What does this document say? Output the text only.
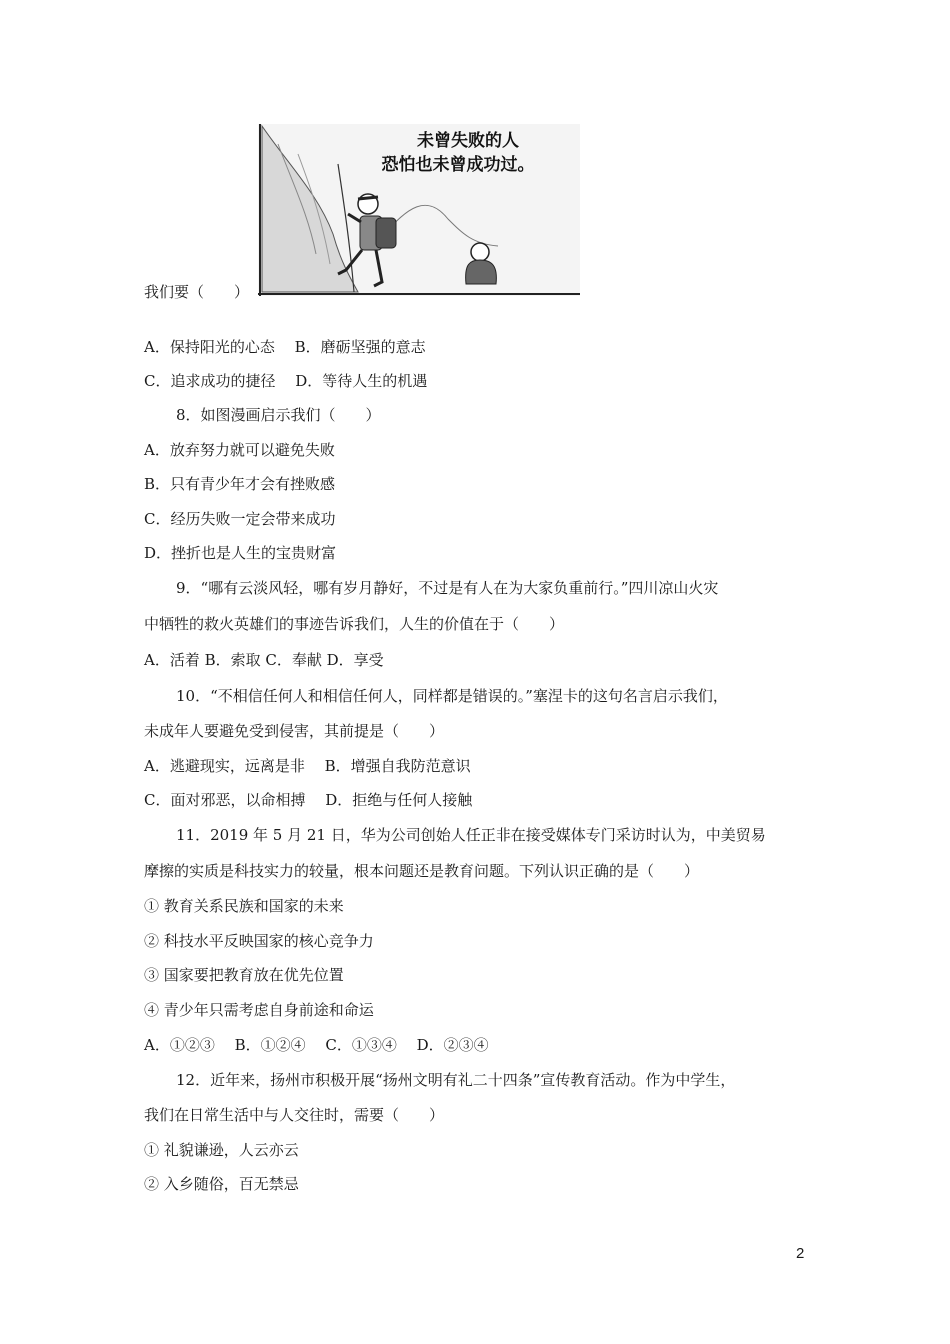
未曾失败的人
恐怕也未曾成功过。
我们要（　　）
A．保持阳光的心态　 B．磨砺坚强的意志
C．追求成功的捷径　 D．等待人生的机遇
8．如图漫画启示我们（　　）
A．放弃努力就可以避免失败
B．只有青少年才会有挫败感
C．经历失败一定会带来成功
D．挫折也是人生的宝贵财富
9．“哪有云淡风轻，哪有岁月静好，不过是有人在为大家负重前行。”四川凉山火灾
中牺牲的救火英雄们的事迹告诉我们，人生的价值在于（　　）
A．活着 B．索取 C．奉献 D．享受
10．“不相信任何人和相信任何人，同样都是错误的。”塞涅卡的这句名言启示我们，
未成年人要避免受到侵害，其前提是（　　）
A．逃避现实，远离是非　 B．增强自我防范意识
C．面对邪恶，以命相搏　 D．拒绝与任何人接触
11．2019 年 5 月 21 日，华为公司创始人任正非在接受媒体专门采访时认为，中美贸易
摩擦的实质是科技实力的较量，根本问题还是教育问题。下列认识正确的是（　　）
① 教育关系民族和国家的未来
② 科技水平反映国家的核心竞争力
③ 国家要把教育放在优先位置
④ 青少年只需考虑自身前途和命运
A．①②③　 B．①②④　 C．①③④　 D．②③④
12．近年来，扬州市积极开展“扬州文明有礼二十四条”宣传教育活动。作为中学生，
我们在日常生活中与人交往时，需要（　　）
① 礼貌谦逊，人云亦云
② 入乡随俗，百无禁忌
2
